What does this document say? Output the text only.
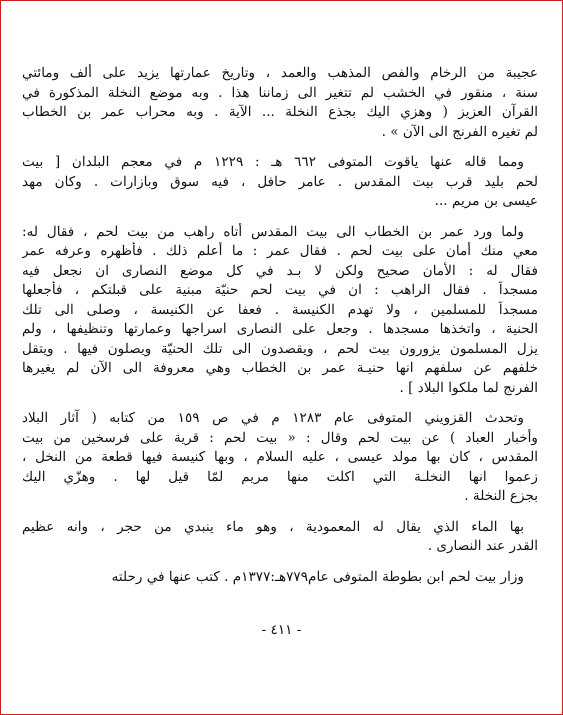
عجيبة من الرخام والفص المذهب والعمد ، وتاريخ عمارتها يزيد على ألف ومائتي
سنة ، منقور في الخشب لم تتغير الى زماننا هذا . وبه موضع النخلة المذكورة في
القرآن العزيز ( وهزي اليك بجذع النخلة ... الآية . وبه محراب عمر بن الخطاب
لم تغيره الفرنج الى الآن » .
ومما قاله عنها ياقوت المتوفى ٦٦٢ هـ : ١٢٢٩ م في معجم البلدان [ بيت
لحم بليد قرب بيت المقدس . عامر حافل ، فيه سوق وبازارات . وكان مهد
عيسى بن مريم ...
ولما ورد عمر بن الخطاب الى بيت المقدس أتاه راهب من بيت لحم ، فقال له:
معي منك أمان على بيت لحم . فقال عمر : ما أعلم ذلك . فأظهره وعرفه عمر
فقال له : الأمان صحيح ولكن لا بـد في كل موضع النصارى ان نجعل فيه
مسجداً . فقال الراهب : ان في بيت لحم حنيّة مبنية على قبلتكم ، فأجعلها
مسجداً للمسلمين ، ولا تهدم الكنيسة . فعفا عن الكنيسة ، وصلى الى تلك
الحنية ، واتخذها مسجدها . وجعل على النصارى اسراجها وعمارتها وتنظيفها ، ولم
يزل المسلمون يزورون بيت لحم ، ويقصدون الى تلك الحنيّة ويصلون فيها . ويتقل
خلفهم عن سلفهم انها حنيـة عمر بن الخطاب وهي معروفة الى الآن لم يغيرها
الفرنج لما ملكوا البلاد ] .
وتحدث القزويني المتوفى عام ١٢٨٣ م في ص ١٥٩ من كتابه ( آثار البلاد
وأخبار العباد ) عن بيت لحم وقال : « بيت لحم : قرية على فرسخين من بيت
المقدس ، كان بها مولد عيسى ، عليه السلام ، وبها كنيسة فيها قطعة من النخل ،
زعموا انها النخلـة التي اكلت منها مريم لمّا قيل لها . وهزّي اليك
بجزع النخلة .
بها الماء الذي يقال له المعمودية ، وهو ماء ينبدي من حجر ، وانه عظيم
القدر عند النصارى .
وزار بيت لحم ابن بطوطة المتوفى عام٧٧٩هـ:١٣٧٧م . كتب عنها في رحلته
- ٤١١ -
